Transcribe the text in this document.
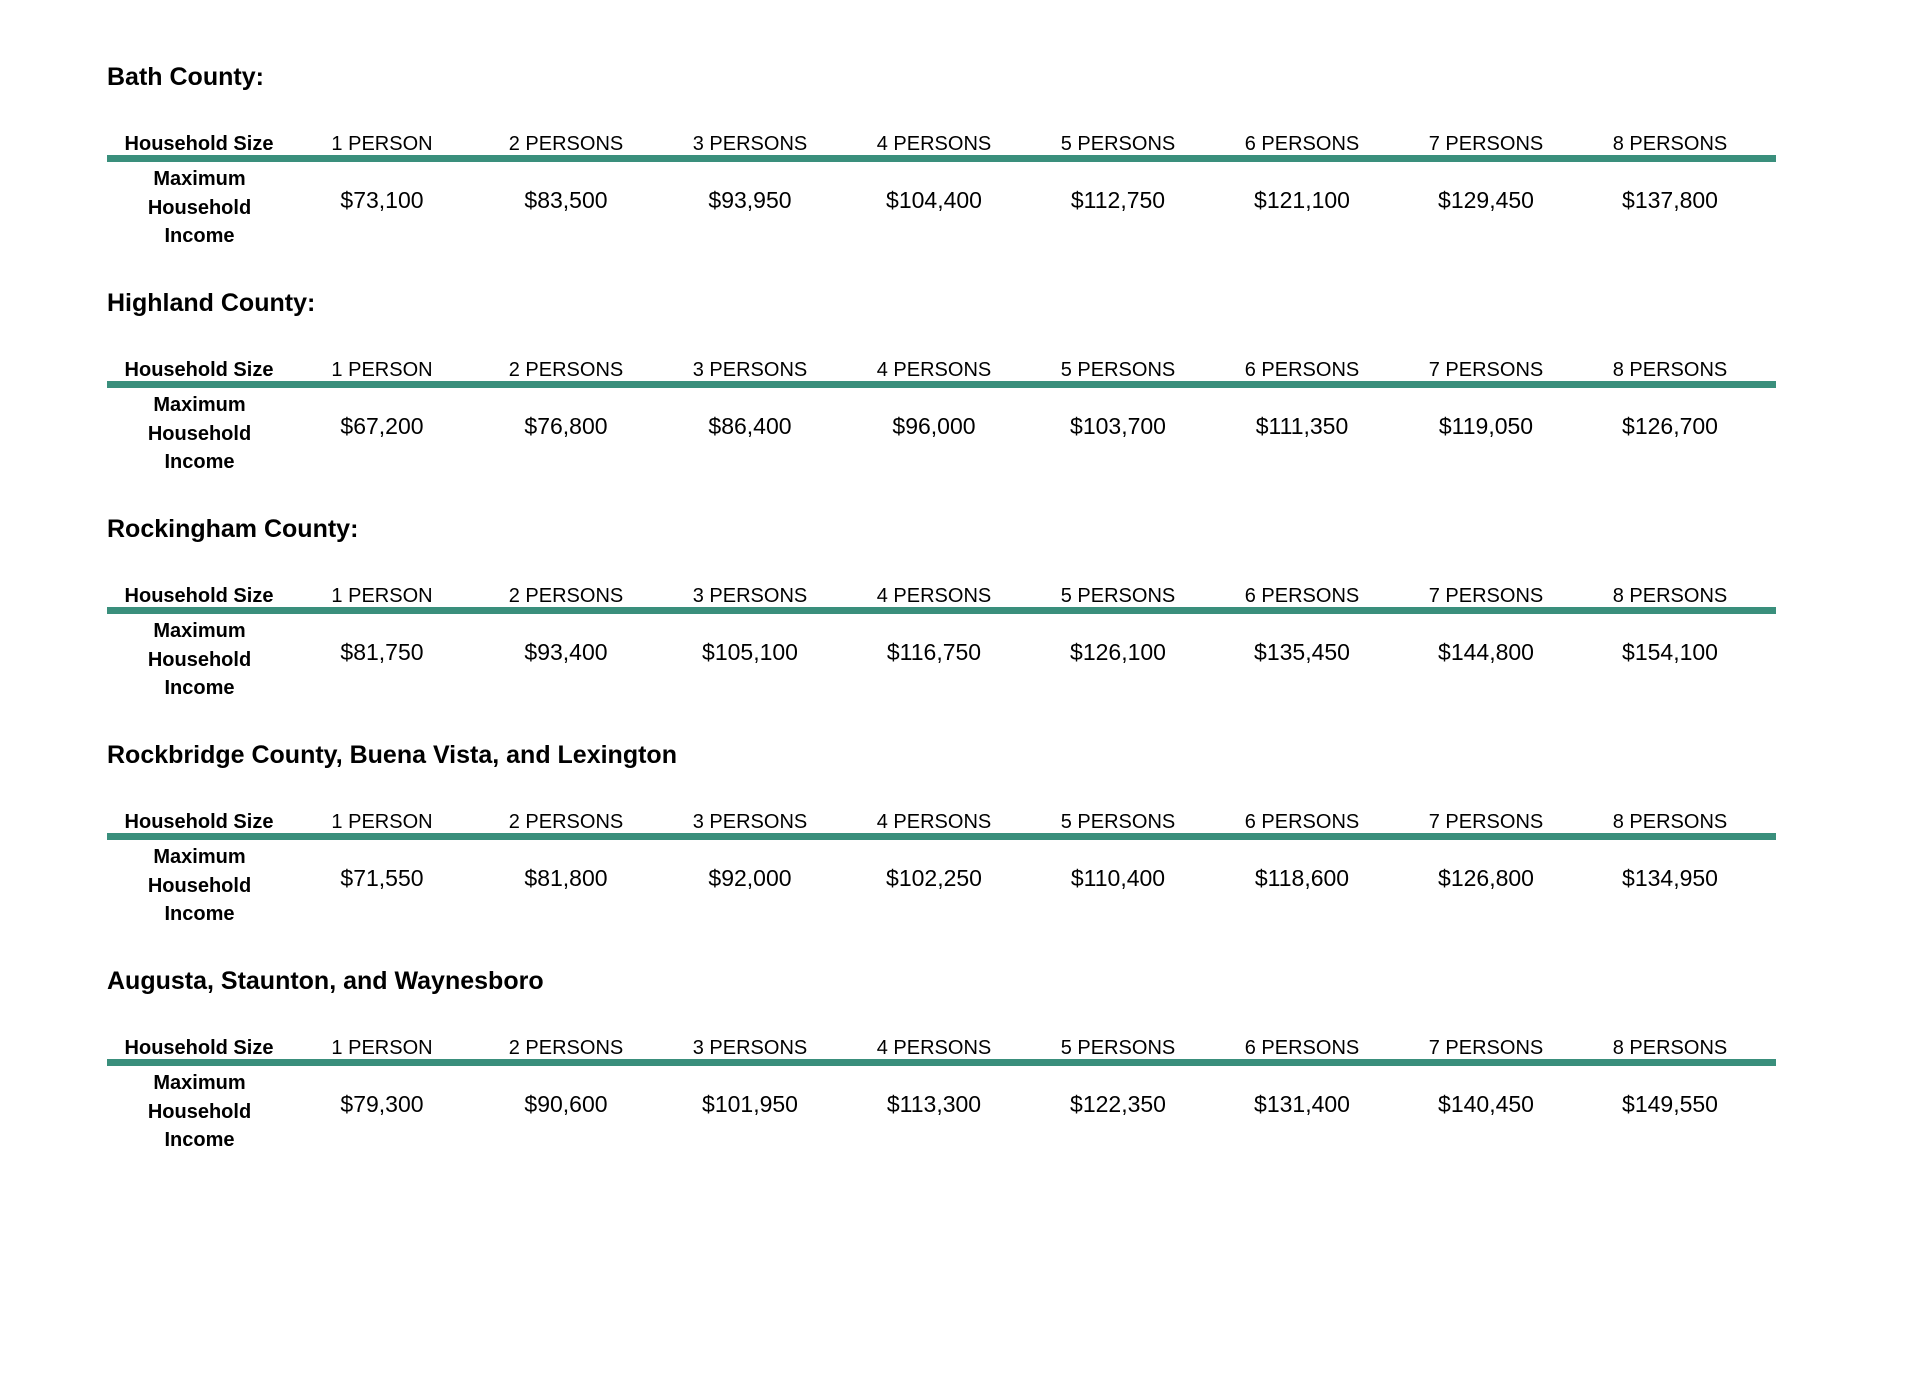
Bath County:
Household Size	1 PERSON	2 PERSONS	3 PERSONS	4 PERSONS	5 PERSONS	6 PERSONS	7 PERSONS	8 PERSONS
Maximum
Household
Income
$73,100	$83,500	$93,950	$104,400	$112,750	$121,100	$129,450	$137,800
Highland County:
Household Size	1 PERSON	2 PERSONS	3 PERSONS	4 PERSONS	5 PERSONS	6 PERSONS	7 PERSONS	8 PERSONS
Maximum
Household
Income
$67,200	$76,800	$86,400	$96,000	$103,700	$111,350	$119,050	$126,700
Rockingham County:
Household Size	1 PERSON	2 PERSONS	3 PERSONS	4 PERSONS	5 PERSONS	6 PERSONS	7 PERSONS	8 PERSONS
Maximum
Household
Income
$81,750	$93,400	$105,100	$116,750	$126,100	$135,450	$144,800	$154,100
Rockbridge County, Buena Vista, and Lexington
Household Size	1 PERSON	2 PERSONS	3 PERSONS	4 PERSONS	5 PERSONS	6 PERSONS	7 PERSONS	8 PERSONS
Maximum
Household
Income
$71,550	$81,800	$92,000	$102,250	$110,400	$118,600	$126,800	$134,950
Augusta, Staunton, and Waynesboro
Household Size	1 PERSON	2 PERSONS	3 PERSONS	4 PERSONS	5 PERSONS	6 PERSONS	7 PERSONS	8 PERSONS
Maximum
Household
Income
$79,300	$90,600	$101,950	$113,300	$122,350	$131,400	$140,450	$149,550
